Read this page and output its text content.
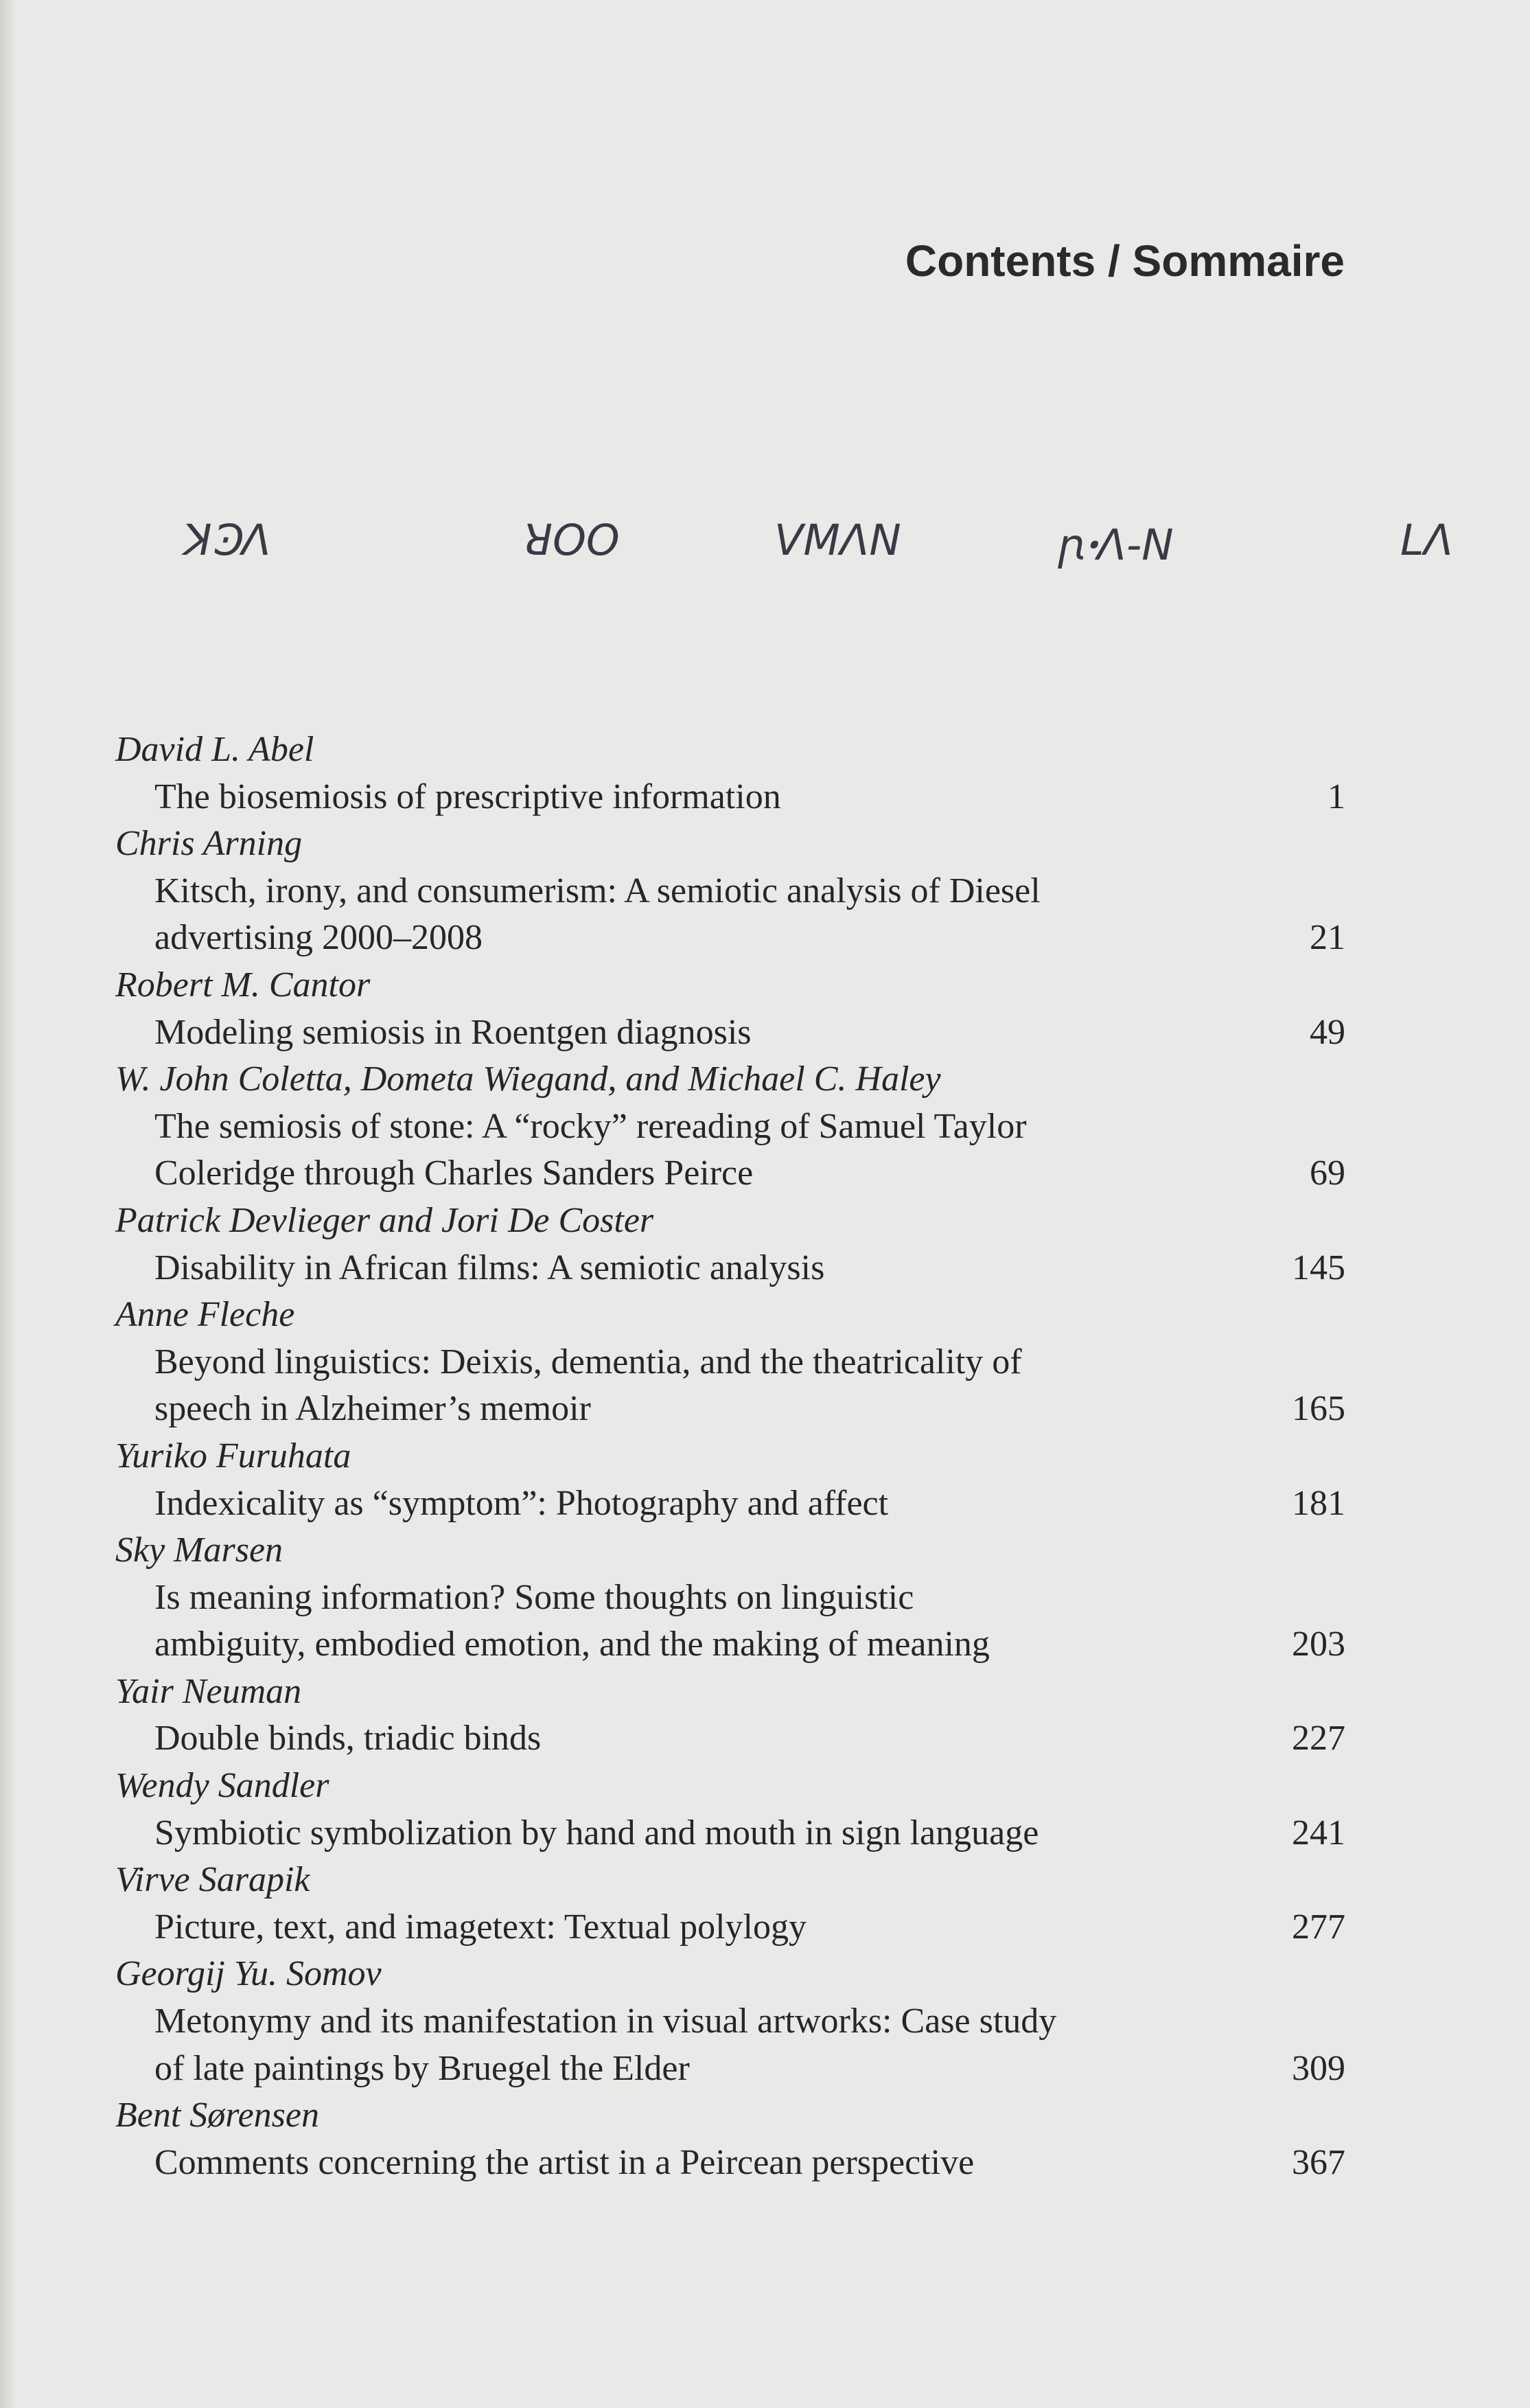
Contents / Sommaire
ꓘϿꓥ	ꓤꓳꓳ	ꓦꓟꓥꓠ	ꞃꞏꓥ-ꓠ	ꓡꓥ
David L. Abel
The biosemiosis of prescriptive information	1
Chris Arning
Kitsch, irony, and consumerism: A semiotic analysis of Diesel
advertising 2000–2008	21
Robert M. Cantor
Modeling semiosis in Roentgen diagnosis	49
W. John Coletta, Dometa Wiegand, and Michael C. Haley
The semiosis of stone: A “rocky” rereading of Samuel Taylor
Coleridge through Charles Sanders Peirce	69
Patrick Devlieger and Jori De Coster
Disability in African films: A semiotic analysis	145
Anne Fleche
Beyond linguistics: Deixis, dementia, and the theatricality of
speech in Alzheimer’s memoir	165
Yuriko Furuhata
Indexicality as “symptom”: Photography and affect	181
Sky Marsen
Is meaning information? Some thoughts on linguistic
ambiguity, embodied emotion, and the making of meaning	203
Yair Neuman
Double binds, triadic binds	227
Wendy Sandler
Symbiotic symbolization by hand and mouth in sign language	241
Virve Sarapik
Picture, text, and imagetext: Textual polylogy	277
Georgij Yu. Somov
Metonymy and its manifestation in visual artworks: Case study
of late paintings by Bruegel the Elder	309
Bent Sørensen
Comments concerning the artist in a Peircean perspective	367
